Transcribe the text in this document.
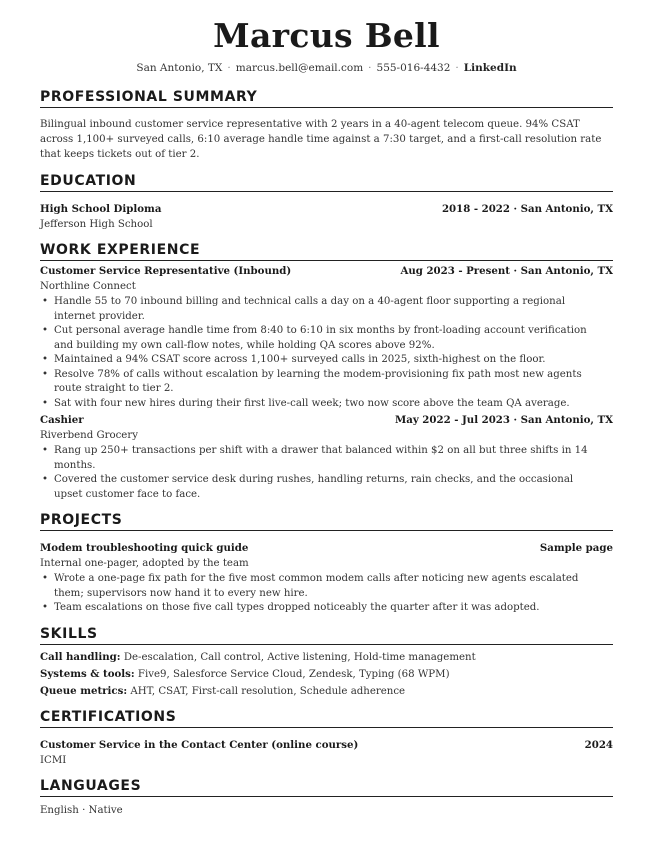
Marcus Bell
San Antonio, TX · marcus.bell@email.com · 555-016-4432 · LinkedIn
PROFESSIONAL SUMMARY
Bilingual inbound customer service representative with 2 years in a 40-agent telecom queue. 94% CSAT across 1,100+ surveyed calls, 6:10 average handle time against a 7:30 target, and a first-call resolution rate that keeps tickets out of tier 2.
EDUCATION
High School Diploma	2018 - 2022 · San Antonio, TX
Jefferson High School
WORK EXPERIENCE
Customer Service Representative (Inbound)	Aug 2023 - Present · San Antonio, TX
Northline Connect
• Handle 55 to 70 inbound billing and technical calls a day on a 40-agent floor supporting a regional internet provider.
• Cut personal average handle time from 8:40 to 6:10 in six months by front-loading account verification and building my own call-flow notes, while holding QA scores above 92%.
• Maintained a 94% CSAT score across 1,100+ surveyed calls in 2025, sixth-highest on the floor.
• Resolve 78% of calls without escalation by learning the modem-provisioning fix path most new agents route straight to tier 2.
• Sat with four new hires during their first live-call week; two now score above the team QA average.
Cashier	May 2022 - Jul 2023 · San Antonio, TX
Riverbend Grocery
• Rang up 250+ transactions per shift with a drawer that balanced within $2 on all but three shifts in 14 months.
• Covered the customer service desk during rushes, handling returns, rain checks, and the occasional upset customer face to face.
PROJECTS
Modem troubleshooting quick guide	Sample page
Internal one-pager, adopted by the team
• Wrote a one-page fix path for the five most common modem calls after noticing new agents escalated them; supervisors now hand it to every new hire.
• Team escalations on those five call types dropped noticeably the quarter after it was adopted.
SKILLS
Call handling: De-escalation, Call control, Active listening, Hold-time management
Systems & tools: Five9, Salesforce Service Cloud, Zendesk, Typing (68 WPM)
Queue metrics: AHT, CSAT, First-call resolution, Schedule adherence
CERTIFICATIONS
Customer Service in the Contact Center (online course)	2024
ICMI
LANGUAGES
English · Native
